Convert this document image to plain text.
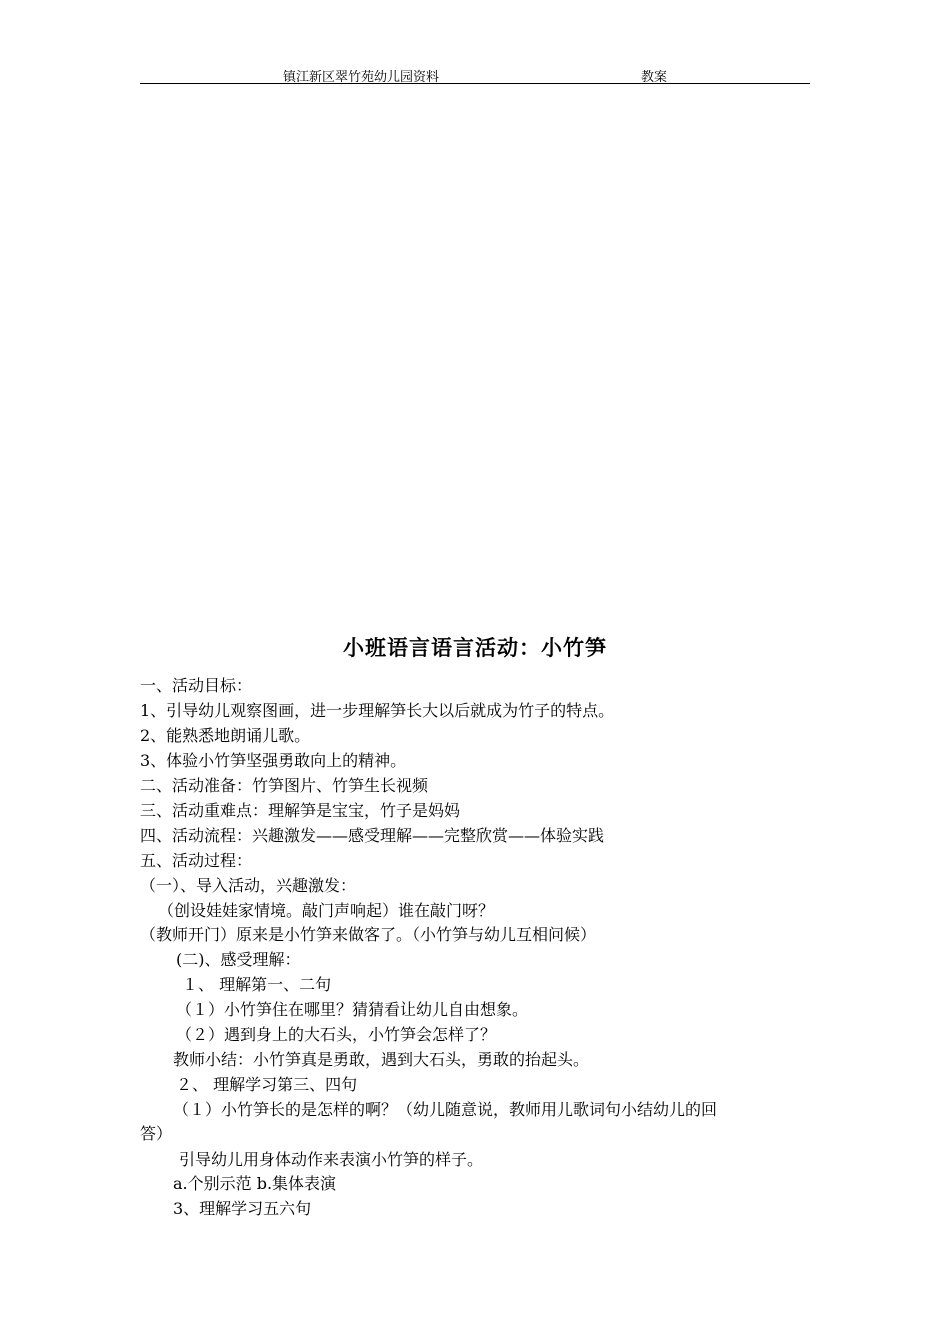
镇江新区翠竹苑幼儿园资料	教案
小班语言语言活动：小竹笋
一、活动目标：
1、引导幼儿观察图画，进一步理解笋长大以后就成为竹子的特点。
2、能熟悉地朗诵儿歌。
3、体验小竹笋坚强勇敢向上的精神。
二、活动准备：竹笋图片、竹笋生长视频
三、活动重难点：理解笋是宝宝，竹子是妈妈
四、活动流程：兴趣激发——感受理解——完整欣赏——体验实践
五、活动过程：
（一）、导入活动，兴趣激发：
（创设娃娃家情境。敲门声响起）谁在敲门呀？
（教师开门）原来是小竹笋来做客了。（小竹笋与幼儿互相问候）
(二)、感受理解：
１、 理解第一、二句
（１）小竹笋住在哪里？猜猜看让幼儿自由想象。
（２）遇到身上的大石头，小竹笋会怎样了？
教师小结：小竹笋真是勇敢，遇到大石头，勇敢的抬起头。
２、 理解学习第三、四句
（１）小竹笋长的是怎样的啊？（幼儿随意说，教师用儿歌词句小结幼儿的回
答）
引导幼儿用身体动作来表演小竹笋的样子。
a.个别示范 b.集体表演
3、理解学习五六句
